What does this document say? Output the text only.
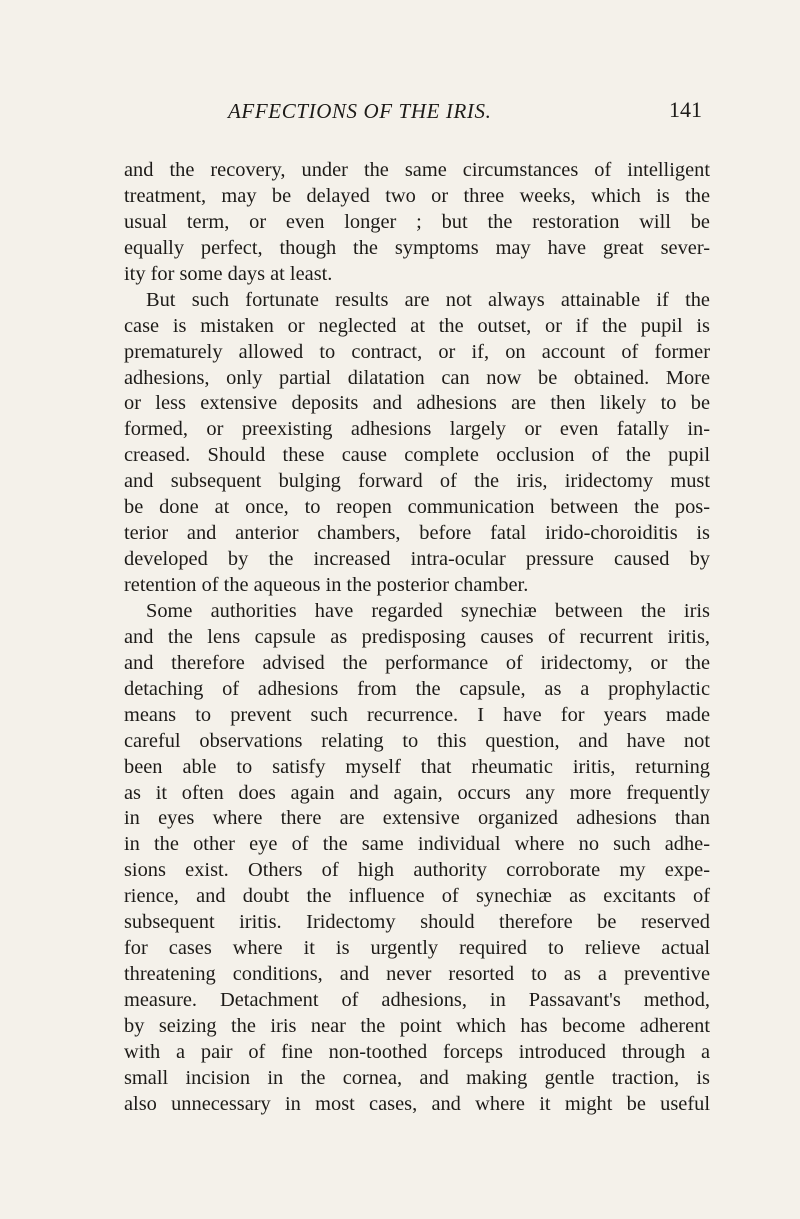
AFFECTIONS OF THE IRIS.	141
and the recovery, under the same circumstances of intelligent
treatment, may be delayed two or three weeks, which is the
usual term, or even longer ; but the restoration will be
equally perfect, though the symptoms may have great sever-
ity for some days at least.
But such fortunate results are not always attainable if the
case is mistaken or neglected at the outset, or if the pupil is
prematurely allowed to contract, or if, on account of former
adhesions, only partial dilatation can now be obtained. More
or less extensive deposits and adhesions are then likely to be
formed, or preexisting adhesions largely or even fatally in-
creased. Should these cause complete occlusion of the pupil
and subsequent bulging forward of the iris, iridectomy must
be done at once, to reopen communication between the pos-
terior and anterior chambers, before fatal irido-choroiditis is
developed by the increased intra-ocular pressure caused by
retention of the aqueous in the posterior chamber.
Some authorities have regarded synechiæ between the iris
and the lens capsule as predisposing causes of recurrent iritis,
and therefore advised the performance of iridectomy, or the
detaching of adhesions from the capsule, as a prophylactic
means to prevent such recurrence. I have for years made
careful observations relating to this question, and have not
been able to satisfy myself that rheumatic iritis, returning
as it often does again and again, occurs any more frequently
in eyes where there are extensive organized adhesions than
in the other eye of the same individual where no such adhe-
sions exist. Others of high authority corroborate my expe-
rience, and doubt the influence of synechiæ as excitants of
subsequent iritis. Iridectomy should therefore be reserved
for cases where it is urgently required to relieve actual
threatening conditions, and never resorted to as a preventive
measure. Detachment of adhesions, in Passavant's method,
by seizing the iris near the point which has become adherent
with a pair of fine non-toothed forceps introduced through a
small incision in the cornea, and making gentle traction, is
also unnecessary in most cases, and where it might be useful
